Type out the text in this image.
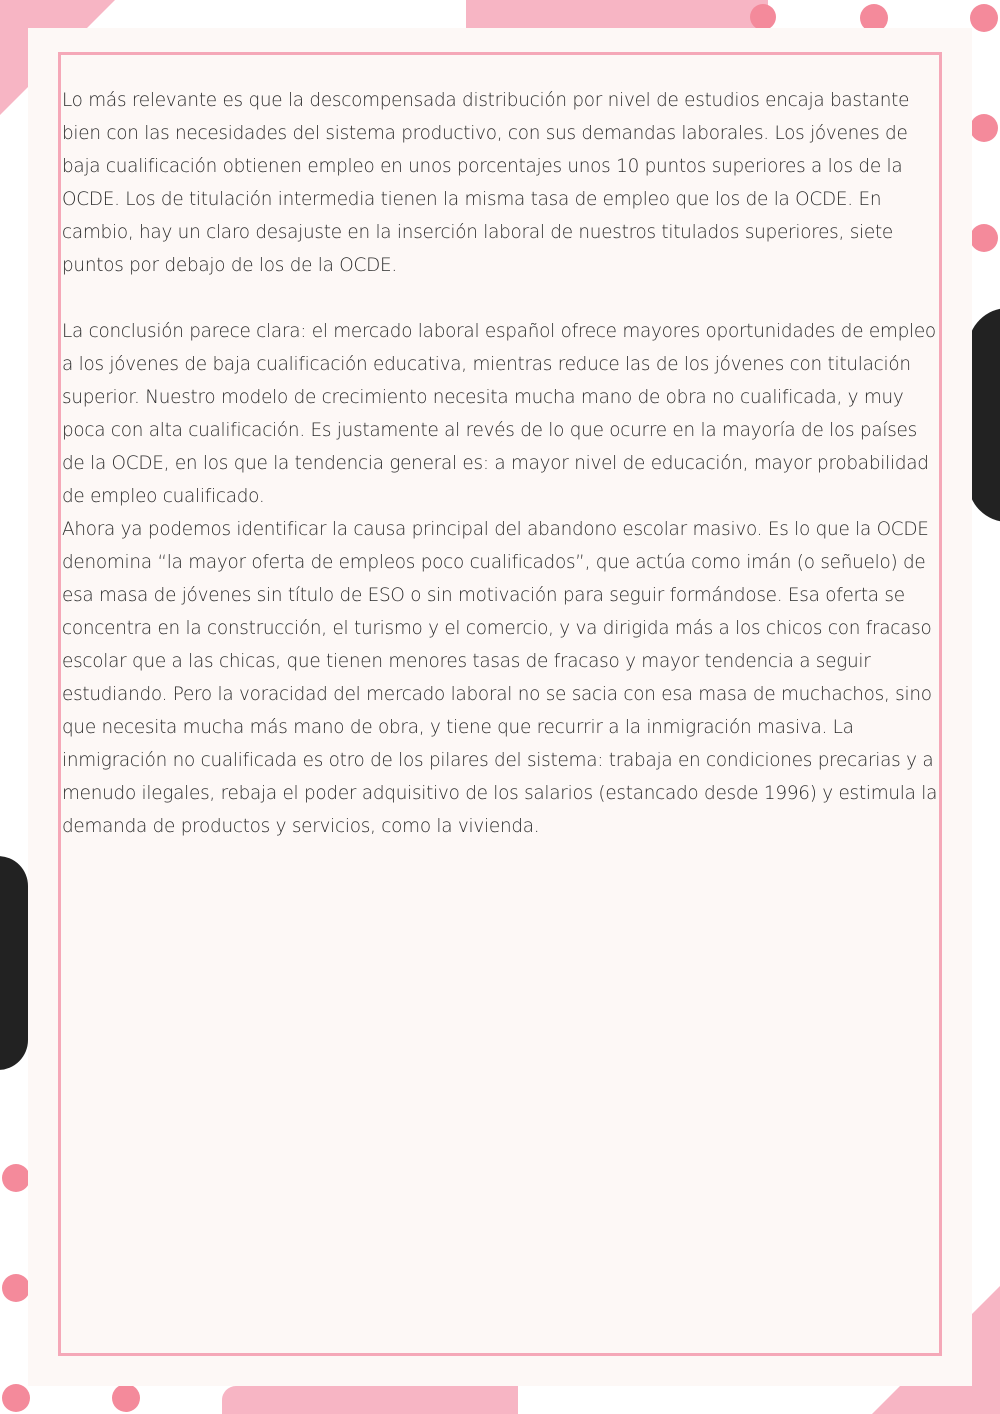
Lo más relevante es que la descompensada distribución por nivel de estudios encaja bastante bien con las necesidades del sistema productivo, con sus demandas laborales. Los jóvenes de baja cualificación obtienen empleo en unos porcentajes unos 10 puntos superiores a los de la OCDE. Los de titulación intermedia tienen la misma tasa de empleo que los de la OCDE. En cambio, hay un claro desajuste en la inserción laboral de nuestros titulados superiores, siete puntos por debajo de los de la OCDE.

La conclusión parece clara: el mercado laboral español ofrece mayores oportunidades de empleo a los jóvenes de baja cualificación educativa, mientras reduce las de los jóvenes con titulación superior. Nuestro modelo de crecimiento necesita mucha mano de obra no cualificada, y muy poca con alta cualificación. Es justamente al revés de lo que ocurre en la mayoría de los países de la OCDE, en los que la tendencia general es: a mayor nivel de educación, mayor probabilidad de empleo cualificado.

Ahora ya podemos identificar la causa principal del abandono escolar masivo. Es lo que la OCDE denomina “la mayor oferta de empleos poco cualificados”, que actúa como imán (o señuelo) de esa masa de jóvenes sin título de ESO o sin motivación para seguir formándose. Esa oferta se concentra en la construcción, el turismo y el comercio, y va dirigida más a los chicos con fracaso escolar que a las chicas, que tienen menores tasas de fracaso y mayor tendencia a seguir estudiando. Pero la voracidad del mercado laboral no se sacia con esa masa de muchachos, sino que necesita mucha más mano de obra, y tiene que recurrir a la inmigración masiva. La inmigración no cualificada es otro de los pilares del sistema: trabaja en condiciones precarias y a menudo ilegales, rebaja el poder adquisitivo de los salarios (estancado desde 1996) y estimula la demanda de productos y servicios, como la vivienda.
